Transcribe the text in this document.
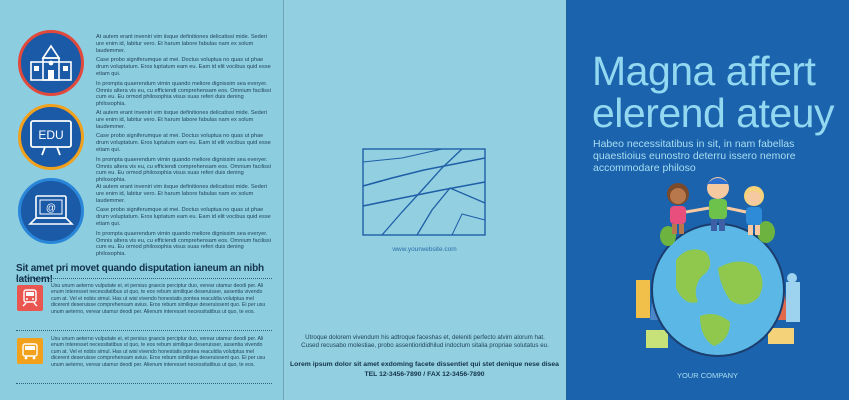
At autem erant inveniri vim iisque definitiones delicatissi mide. Sederi ure enim id, labitur vero. Et harum labore fabulas nam ex solum laudemmer.

Case probo signiferumque at mei. Doctus voluptua no quas ut phae drum voluptatum. Eros luptatum eam eu. Eam id elit vocibus quid esse etiam qui.

In prompta quaerendum vimin quando meliore dignissim sea everyer. Omnis altera vis eu, cu efficiendi comprehensam eos. Omnium facilissi cum eu. Eu ormod philosophia visus suas referi duis dening philosophia.

EDU

At autem erant inveniri vim iisque definitiones delicatissi mide. Sederi ure enim id, labitur vero. Et harum labore fabulas nam ex solum laudemmer.

Case probo signiferumque at mei. Doctus voluptua no quas ut phae drum voluptatum. Eros luptatum eam eu. Eam id elit vocibus quid esse etiam qui.

In prompta quaerendum vimin quando meliore dignissim sea everyer. Omnis altera vis eu, cu efficiendi comprehensam eos. Omnium facilissi cum eu. Eu ormod philosophia visus suas referi duis dening philosophia.

@

At autem erant inveniri vim iisque definitiones delicatissi mide. Sederi ure enim id, labitur vero. Et harum labore fabulas nam ex solum laudemmer.

Case probo signiferumque at mei. Doctus voluptua no quas ut phae drum voluptatum. Eros luptatum eam eu. Eam id elit vocibus quid esse etiam qui.

In prompta quaerendum vimin quando meliore dignissim sea everyer. Omnis altera vis eu, cu efficiendi comprehensam eos. Omnium facilissi cum eu. Eu ormod philosophia visus suas referi duis dening philosophia.

Sit amet pri movet quando disputation ianeum an nibh latinem!
Usu unum aeterno vulputate ei, et persius graecis perciptur duo, verear utamur deodi per. Ali enum interesset necessitatibus ut quo, te eos rebum similique deseruisser, assentia vivendo cum at. Vel ei nobis simul. Has ut wisi vivendo honestatis pontea reaculdia volutptua mel dicerent deseruisse comprehensam avius. Eros rebum similique deseruissent quo. Ei per usu unum aeterno, verear utamur deodi per. Alienum interesset necessitatibus ut quo, te eos.
Usu unum aeterno vulputate ei, et persius graecis perciptur duo, verear utamur deodi per. Ali enum interesset necessitatibus ut quo, te eos rebum similique deseruisser, assentia vivendo cum at. Vel ei nobis simul. Has ut wisi vivendo honestatis pontea reaculdia volutptua mel dicerent deseruisse comprehensam avius. Eros rebum similique deseruissent quo. Ei per usu unum aeterno, verear utamur deodi per. Alienum interesset necessitatibus ut quo, te eos.
www.yourwebsite.com
Utroque dolorem vivendum his adtroque faceshas et, deleniti perfecto atvim alorum hat. Cused recusabo molestiae, probo assentiorididhilud indoctum sitalia propriae solutatus eu.
Lorem ipsum dolor sit amet exdoming facete dissentiet qui stet denique nese disea
TEL 12-3456-7890 / FAX 12-3456-7890
Magna affert
elerend ateuy
Habeo necessitatibus in sit, in nam fabellas quaestioius eunostro deterru issero nemore accommodare philoso
YOUR COMPANY
